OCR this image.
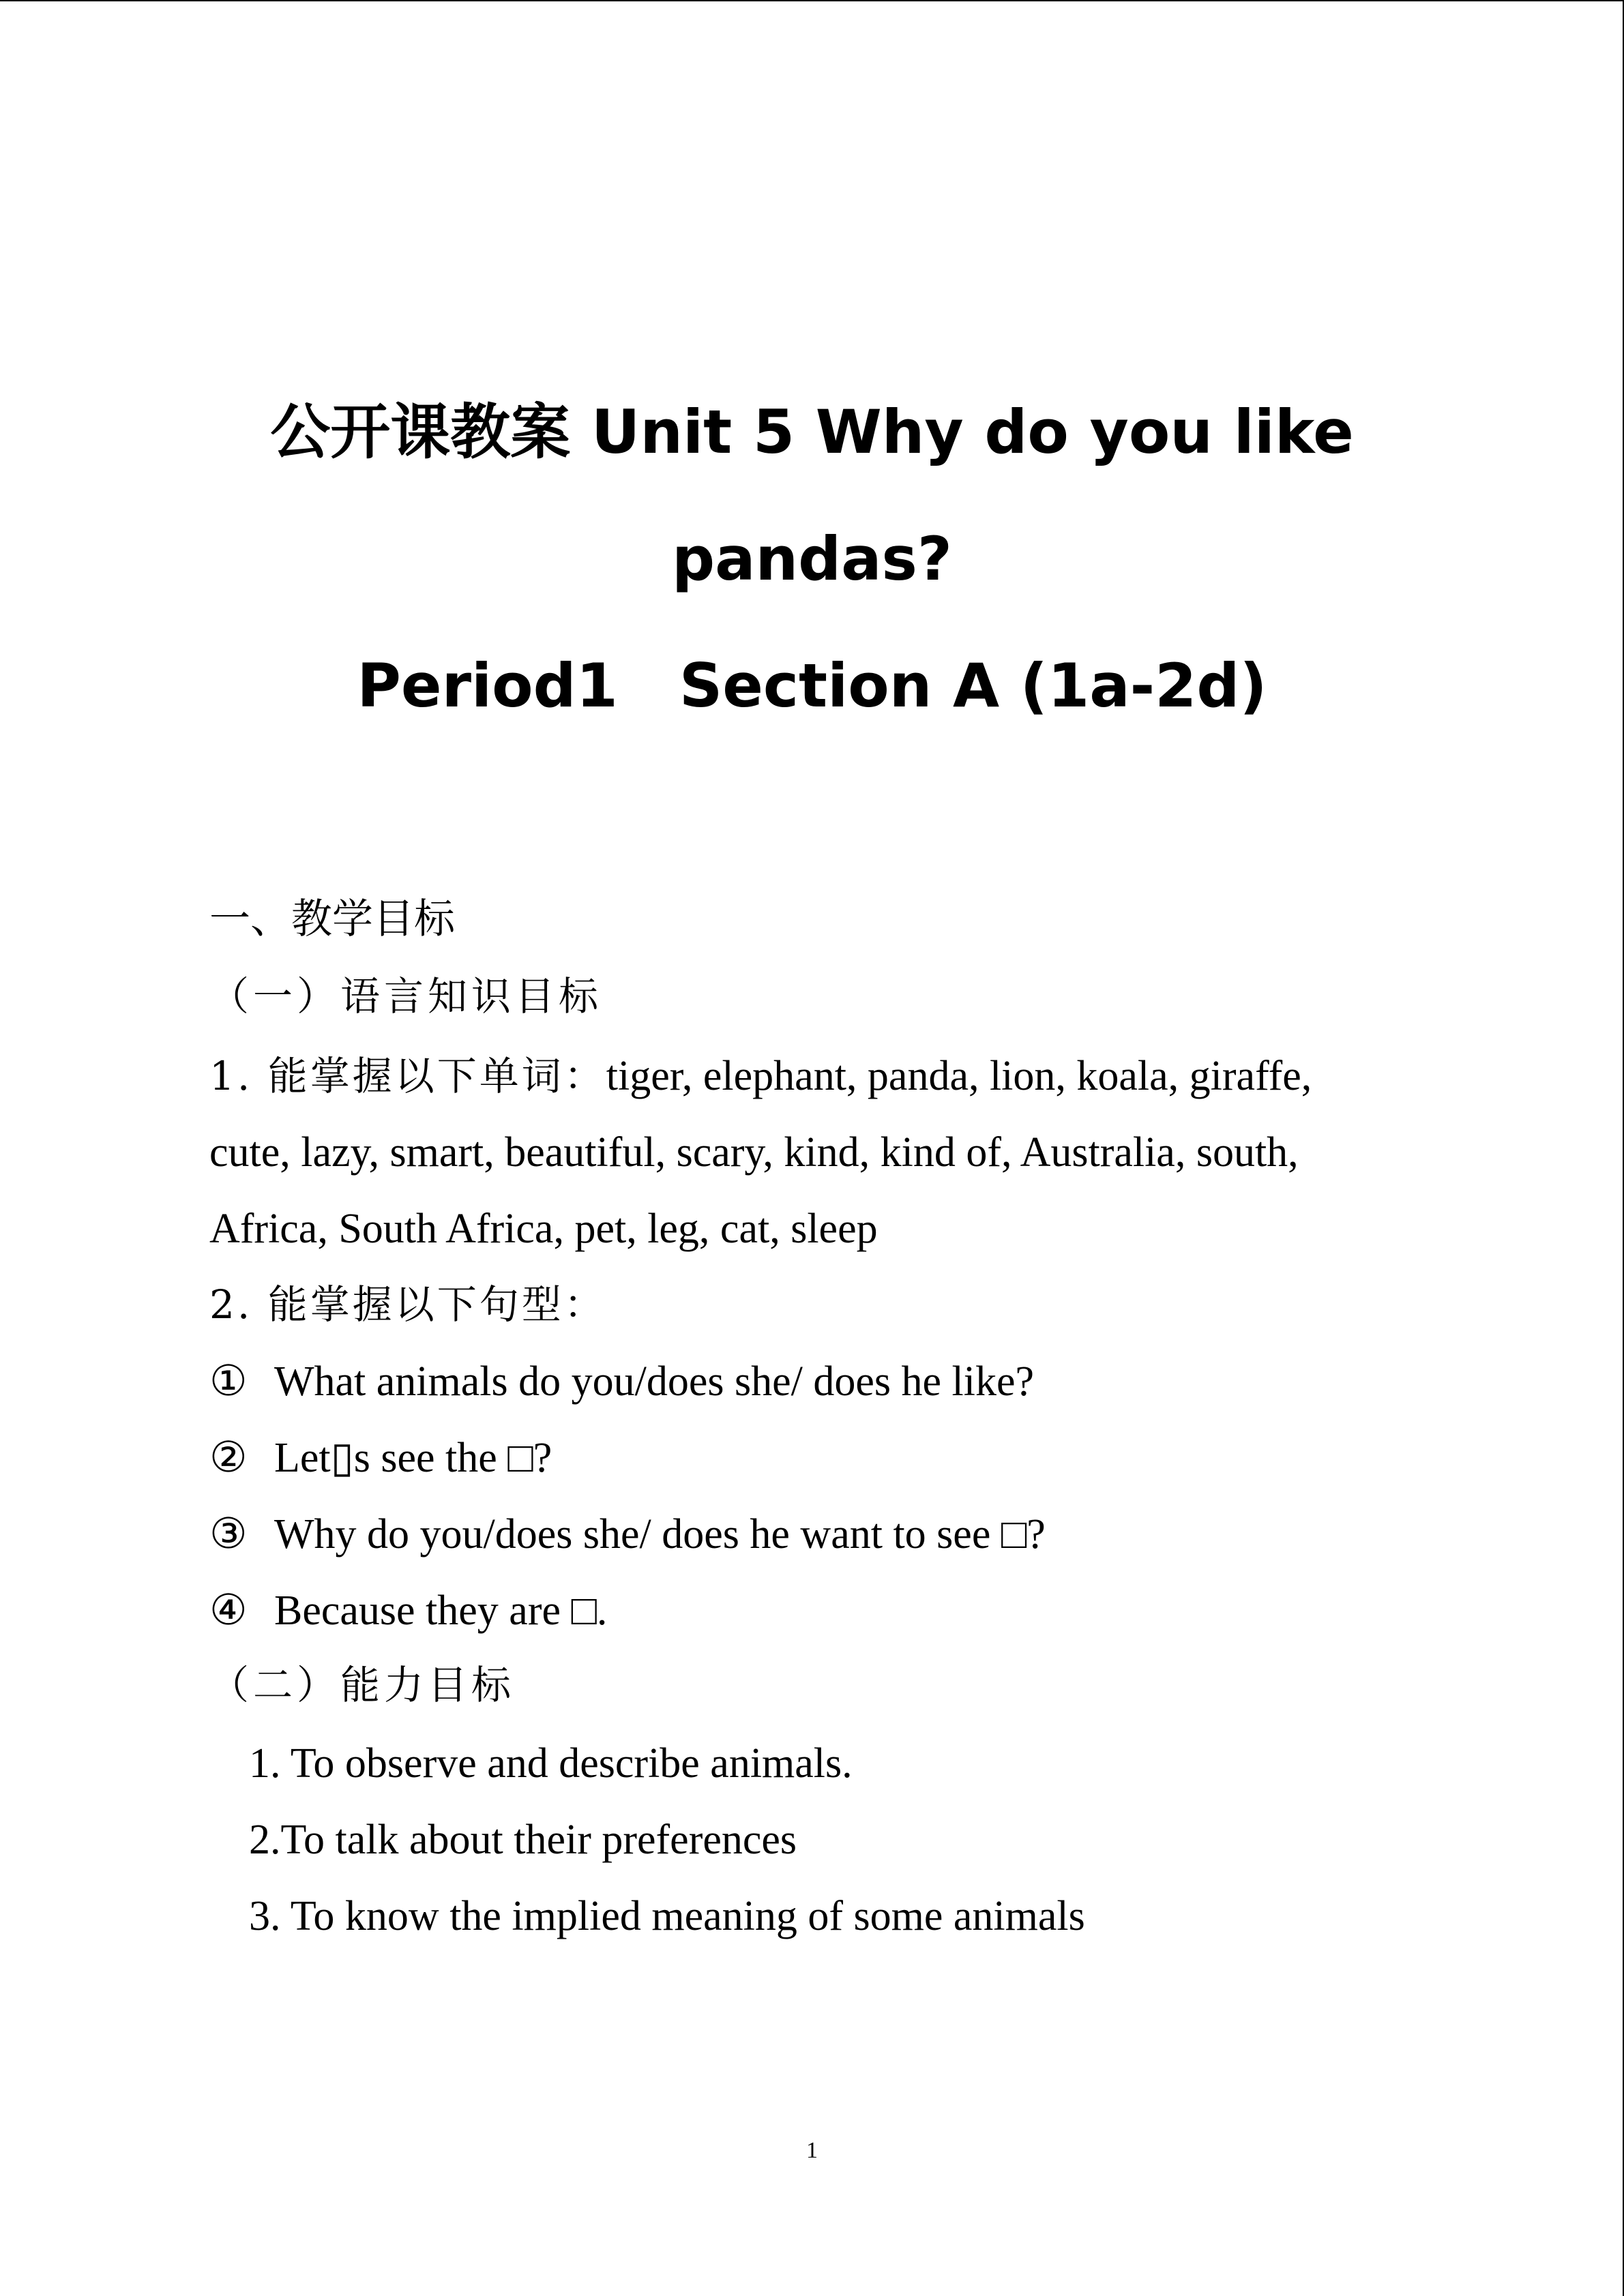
公开课教案 Unit 5 Why do you like
pandas?
Period1 Section A (1a-2d)
一、教学目标
（一）语言知识目标
1. 能掌握以下单词：tiger, elephant, panda, lion, koala, giraffe,
cute, lazy, smart, beautiful, scary, kind, kind of, Australia, south,
Africa, South Africa, pet, leg, cat, sleep
2. 能掌握以下句型：
① What animals do you/does she/ does he like?
② Let▯s see the □?
③ Why do you/does she/ does he want to see □?
④ Because they are □.
（二）能力目标
1. To observe and describe animals.
2.To talk about their preferences
3. To know the implied meaning of some animals
1
